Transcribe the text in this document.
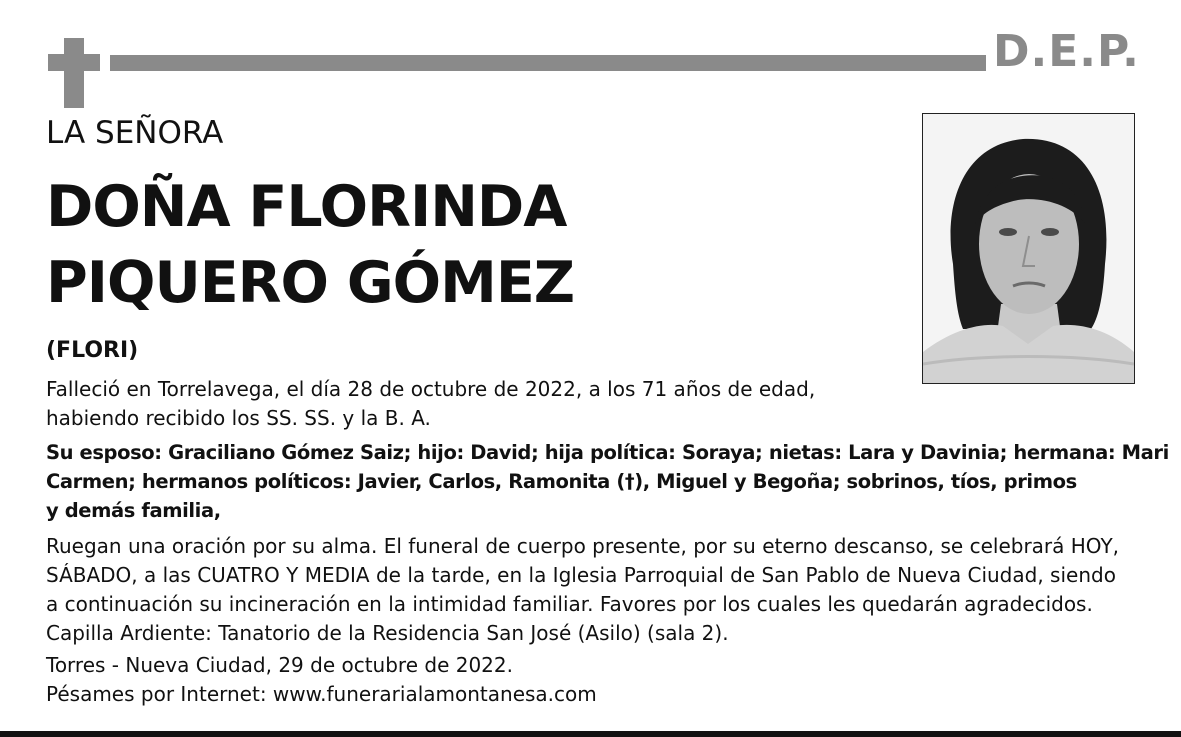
D.E.P.
LA SEÑORA
DOÑA FLORINDA
PIQUERO GÓMEZ
(FLORI)
Falleció en Torrelavega, el día 28 de octubre de 2022, a los 71 años de edad,
habiendo recibido los SS. SS. y la B. A.
Su esposo: Graciliano Gómez Saiz; hijo: David; hija política: Soraya; nietas: Lara y Davinia; hermana: Mari
Carmen; hermanos políticos: Javier, Carlos, Ramonita (†), Miguel y Begoña; sobrinos, tíos, primos
y demás familia,
Ruegan una oración por su alma. El funeral de cuerpo presente, por su eterno descanso, se celebrará HOY,
SÁBADO, a las CUATRO Y MEDIA de la tarde, en la Iglesia Parroquial de San Pablo de Nueva Ciudad, siendo
a continuación su incineración en la intimidad familiar. Favores por los cuales les quedarán agradecidos.
Capilla Ardiente: Tanatorio de la Residencia San José (Asilo) (sala 2).
Torres - Nueva Ciudad, 29 de octubre de 2022.
Pésames por Internet: www.funerarialamontanesa.com
